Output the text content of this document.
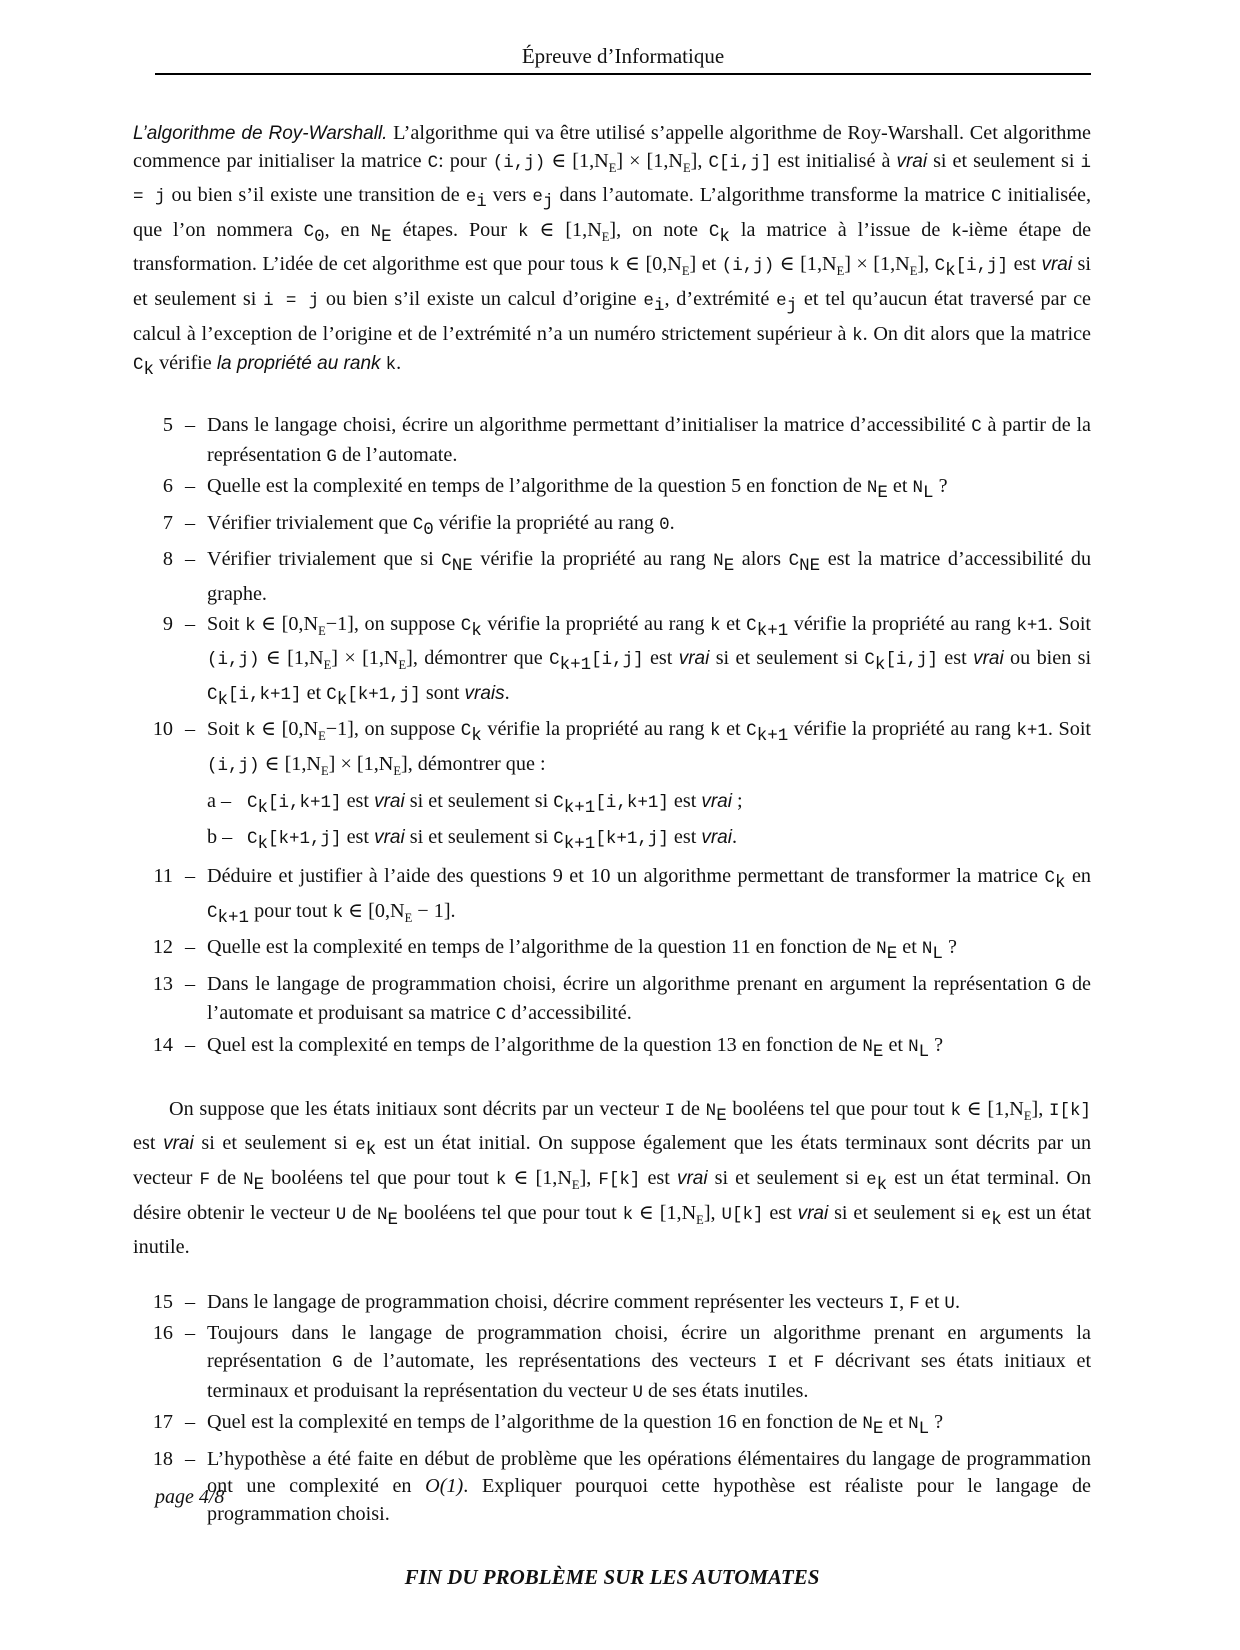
Épreuve d’Informatique

L’algorithme de Roy-Warshall. L’algorithme qui va être utilisé s’appelle algorithme de Roy-Warshall. Cet algorithme commence par initialiser la matrice C: pour (i,j) ∈ $[1,N_E] \times [1,N_E]$, C[i,j] est initialisé à vrai si et seulement si i = j ou bien s’il existe une transition de $e_i$ vers $e_j$ dans l’automate. L’algorithme transforme la matrice C initialisée, que l’on nommera $C_0$, en $N_E$ étapes. Pour k ∈ $[1,N_E]$, on note $C_k$ la matrice à l’issue de k-ième étape de transformation. L’idée de cet algorithme est que pour tous k ∈ $[0,N_E]$ et (i,j) ∈ $[1,N_E] \times [1,N_E]$, $C_k[i,j]$ est vrai si et seulement si i = j ou bien s’il existe un calcul d’origine $e_i$, d’extrémité $e_j$ et tel qu’aucun état traversé par ce calcul à l’exception de l’origine et de l’extrémité n’a un numéro strictement supérieur à k. On dit alors que la matrice $C_k$ vérifie la propriété au rank k.

5 – Dans le langage choisi, écrire un algorithme permettant d’initialiser la matrice d’accessibilité C à partir de la représentation G de l’automate.
6 – Quelle est la complexité en temps de l’algorithme de la question 5 en fonction de $N_E$ et $N_L$ ?
7 – Vérifier trivialement que $C_0$ vérifie la propriété au rang 0.
8 – Vérifier trivialement que si $C_{NE}$ vérifie la propriété au rang $N_E$ alors $C_{NE}$ est la matrice d’accessibilité du graphe.
9 – Soit k ∈ $[0,N_E-1]$, on suppose $C_k$ vérifie la propriété au rang k et $C_{k+1}$ vérifie la propriété au rang k+1. Soit (i,j) ∈ $[1,N_E] \times [1,N_E]$, démontrer que $C_{k+1}[i,j]$ est vrai si et seulement si $C_k[i,j]$ est vrai ou bien si $C_k[i,k+1]$ et $C_k[k+1,j]$ sont vrais.
10 – Soit k ∈ $[0,N_E-1]$, on suppose $C_k$ vérifie la propriété au rang k et $C_{k+1}$ vérifie la propriété au rang k+1. Soit (i,j) ∈ $[1,N_E] \times [1,N_E]$, démontrer que :
$a - C_k[i,k+1]$ est vrai si et seulement si $C_{k+1}[i,k+1]$ est vrai ;
$b - C_k[k+1,j]$ est vrai si et seulement si $C_{k+1}[k+1,j]$ est vrai.
11 – Déduire et justifier à l’aide des questions 9 et 10 un algorithme permettant de transformer la matrice $C_k$ en $C_{k+1}$ pour tout k ∈ $[0,N_E - 1]$.
12 – Quelle est la complexité en temps de l’algorithme de la question 11 en fonction de $N_E$ et $N_L$ ?
13 – Dans le langage de programmation choisi, écrire un algorithme prenant en argument la représentation G de l’automate et produisant sa matrice C d’accessibilité.
14 – Quel est la complexité en temps de l’algorithme de la question 13 en fonction de $N_E$ et $N_L$ ?

On suppose que les états initiaux sont décrits par un vecteur I de $N_E$ booléens tel que pour tout k ∈ $[1,N_E]$, I[k] est vrai si et seulement si $e_k$ est un état initial. On suppose également que les états terminaux sont décrits par un vecteur F de $N_E$ booléens tel que pour tout k ∈ $[1,N_E]$, F[k] est vrai si et seulement si $e_k$ est un état terminal. On désire obtenir le vecteur U de $N_E$ booléens tel que pour tout k ∈ $[1,N_E]$, U[k] est vrai si et seulement si $e_k$ est un état inutile.

15 – Dans le langage de programmation choisi, décrire comment représenter les vecteurs I, F et U.
16 – Toujours dans le langage de programmation choisi, écrire un algorithme prenant en arguments la représentation G de l’automate, les représentations des vecteurs I et F décrivant ses états initiaux et terminaux et produisant la représentation du vecteur U de ses états inutiles.
17 – Quel est la complexité en temps de l’algorithme de la question 16 en fonction de $N_E$ et $N_L$ ?
18 – L’hypothèse a été faite en début de problème que les opérations élémentaires du langage de programmation ont une complexité en O(1). Expliquer pourquoi cette hypothèse est réaliste pour le langage de programmation choisi.
FIN DU PROBLÈME SUR LES AUTOMATES
page 4/8
